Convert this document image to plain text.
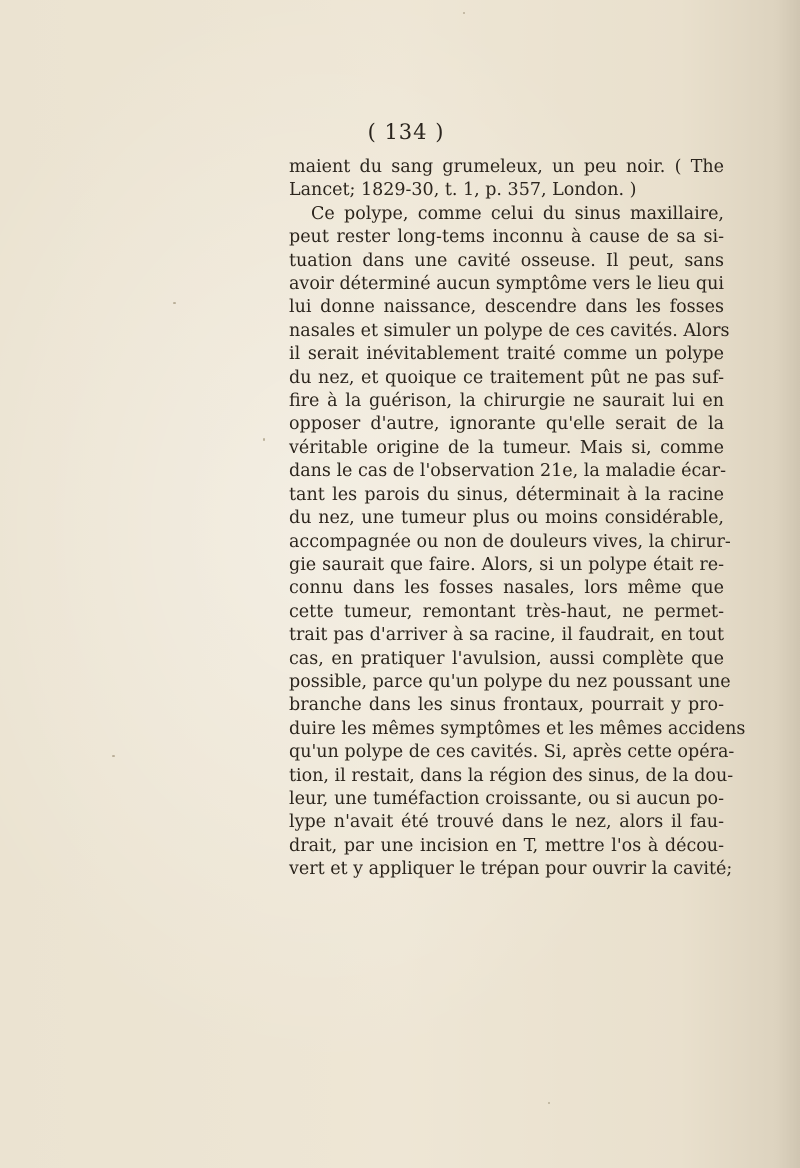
( 134 )
maient du sang grumeleux, un peu noir. ( The
Lancet; 1829-30, t. 1, p. 357, London. )
Ce polype, comme celui du sinus maxillaire,
peut rester long-tems inconnu à cause de sa si-
tuation dans une cavité osseuse. Il peut, sans
avoir déterminé aucun symptôme vers le lieu qui
lui donne naissance, descendre dans les fosses
nasales et simuler un polype de ces cavités. Alors
il serait inévitablement traité comme un polype
du nez, et quoique ce traitement pût ne pas suf-
fire à la guérison, la chirurgie ne saurait lui en
opposer d'autre, ignorante qu'elle serait de la
véritable origine de la tumeur. Mais si, comme
dans le cas de l'observation 21e, la maladie écar-
tant les parois du sinus, déterminait à la racine
du nez, une tumeur plus ou moins considérable,
accompagnée ou non de douleurs vives, la chirur-
gie saurait que faire. Alors, si un polype était re-
connu dans les fosses nasales, lors même que
cette tumeur, remontant très-haut, ne permet-
trait pas d'arriver à sa racine, il faudrait, en tout
cas, en pratiquer l'avulsion, aussi complète que
possible, parce qu'un polype du nez poussant une
branche dans les sinus frontaux, pourrait y pro-
duire les mêmes symptômes et les mêmes accidens
qu'un polype de ces cavités. Si, après cette opéra-
tion, il restait, dans la région des sinus, de la dou-
leur, une tuméfaction croissante, ou si aucun po-
lype n'avait été trouvé dans le nez, alors il fau-
drait, par une incision en T, mettre l'os à décou-
vert et y appliquer le trépan pour ouvrir la cavité;
